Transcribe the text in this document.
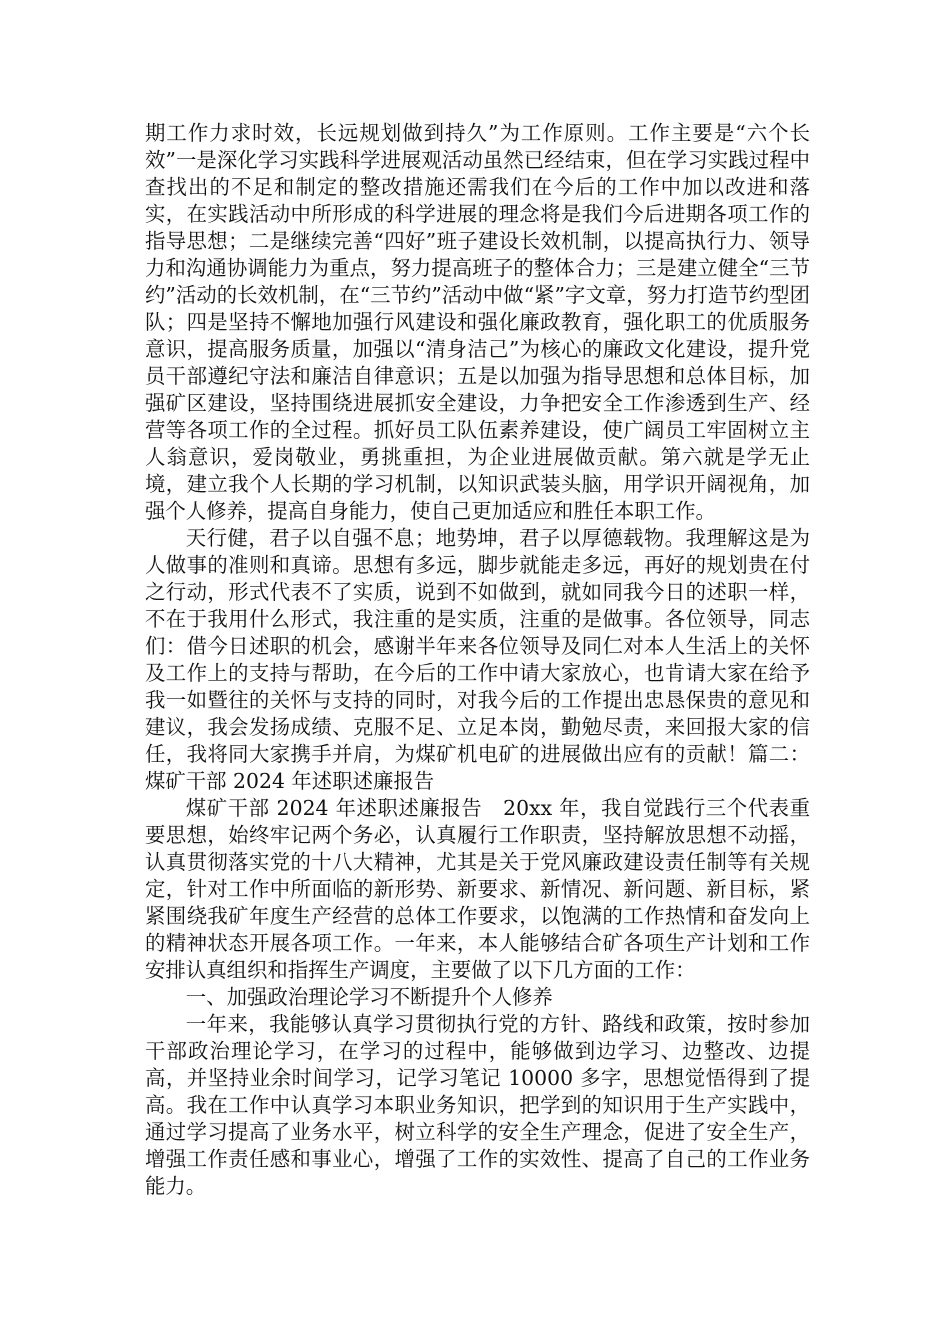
期工作力求时效，长远规划做到持久”为工作原则。工作主要是“六个长效”一是深化学习实践科学进展观活动虽然已经结束，但在学习实践过程中查找出的不足和制定的整改措施还需我们在今后的工作中加以改进和落实，在实践活动中所形成的科学进展的理念将是我们今后进期各项工作的指导思想；二是继续完善“四好”班子建设长效机制，以提高执行力、领导力和沟通协调能力为重点，努力提高班子的整体合力；三是建立健全“三节约”活动的长效机制，在“三节约”活动中做“紧”字文章，努力打造节约型团队；四是坚持不懈地加强行风建设和强化廉政教育，强化职工的优质服务意识，提高服务质量，加强以“清身洁己”为核心的廉政文化建设，提升党员干部遵纪守法和廉洁自律意识；五是以加强为指导思想和总体目标，加强矿区建设，坚持围绕进展抓安全建设，力争把安全工作渗透到生产、经营等各项工作的全过程。抓好员工队伍素养建设，使广阔员工牢固树立主人翁意识，爱岗敬业，勇挑重担，为企业进展做贡献。第六就是学无止境，建立我个人长期的学习机制，以知识武装头脑，用学识开阔视角，加强个人修养，提高自身能力，使自己更加适应和胜任本职工作。

天行健，君子以自强不息；地势坤，君子以厚德载物。我理解这是为人做事的准则和真谛。思想有多远，脚步就能走多远，再好的规划贵在付之行动，形式代表不了实质，说到不如做到，就如同我今日的述职一样，不在于我用什么形式，我注重的是实质，注重的是做事。各位领导，同志们：借今日述职的机会，感谢半年来各位领导及同仁对本人生活上的关怀及工作上的支持与帮助，在今后的工作中请大家放心，也肯请大家在给予我一如暨往的关怀与支持的同时，对我今后的工作提出忠恳保贵的意见和建议，我会发扬成绩、克服不足、立足本岗，勤勉尽责，来回报大家的信任，我将同大家携手并肩，为煤矿机电矿的进展做出应有的贡献！篇二：煤矿干部 2024 年述职述廉报告

煤矿干部 2024 年述职述廉报告　20xx 年，我自觉践行三个代表重要思想，始终牢记两个务必，认真履行工作职责，坚持解放思想不动摇，认真贯彻落实党的十八大精神，尤其是关于党风廉政建设责任制等有关规定，针对工作中所面临的新形势、新要求、新情况、新问题、新目标，紧紧围绕我矿年度生产经营的总体工作要求，以饱满的工作热情和奋发向上的精神状态开展各项工作。一年来，本人能够结合矿各项生产计划和工作安排认真组织和指挥生产调度，主要做了以下几方面的工作：

一、加强政治理论学习不断提升个人修养

一年来，我能够认真学习贯彻执行党的方针、路线和政策，按时参加干部政治理论学习，在学习的过程中，能够做到边学习、边整改、边提高，并坚持业余时间学习，记学习笔记 10000 多字，思想觉悟得到了提高。我在工作中认真学习本职业务知识，把学到的知识用于生产实践中，通过学习提高了业务水平，树立科学的安全生产理念，促进了安全生产，增强工作责任感和事业心，增强了工作的实效性、提高了自己的工作业务能力。
